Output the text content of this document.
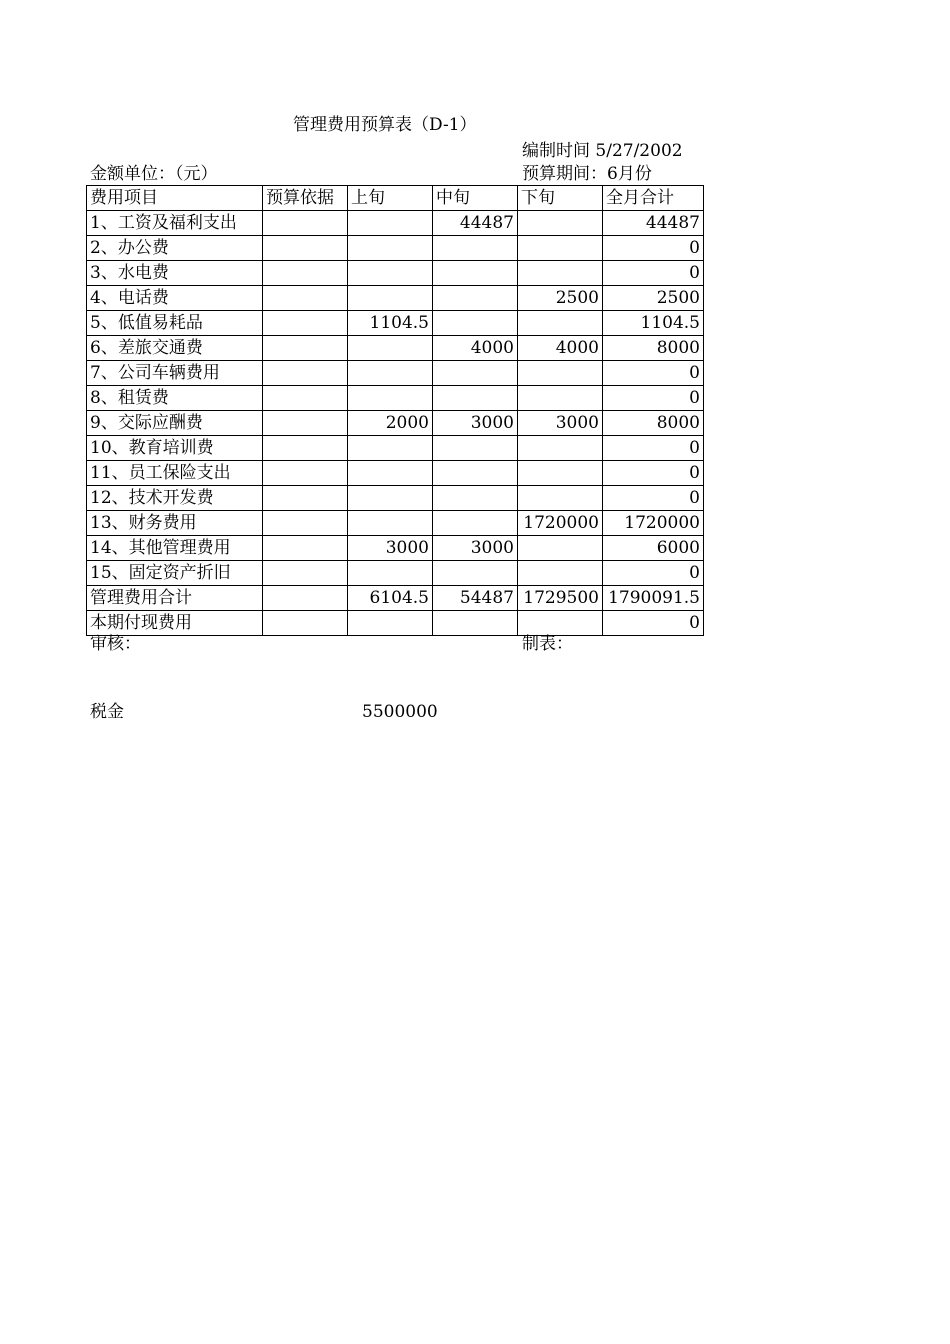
管理费用预算表（D-1）
编制时间 5/27/2002
金额单位：（元）	预算期间：6月份
费用项目	预算依据	上旬	中旬	下旬	全月合计
1、工资及福利支出			44487		44487
2、办公费					0
3、水电费					0
4、电话费				2500	2500
5、低值易耗品		1104.5			1104.5
6、差旅交通费			4000	4000	8000
7、公司车辆费用					0
8、租赁费					0
9、交际应酬费		2000	3000	3000	8000
10、教育培训费					0
11、员工保险支出					0
12、技术开发费					0
13、财务费用				1720000	1720000
14、其他管理费用		3000	3000		6000
15、固定资产折旧					0
管理费用合计		6104.5	54487	1729500	1790091.5
本期付现费用					0
审核：	制表：
税金	5500000
